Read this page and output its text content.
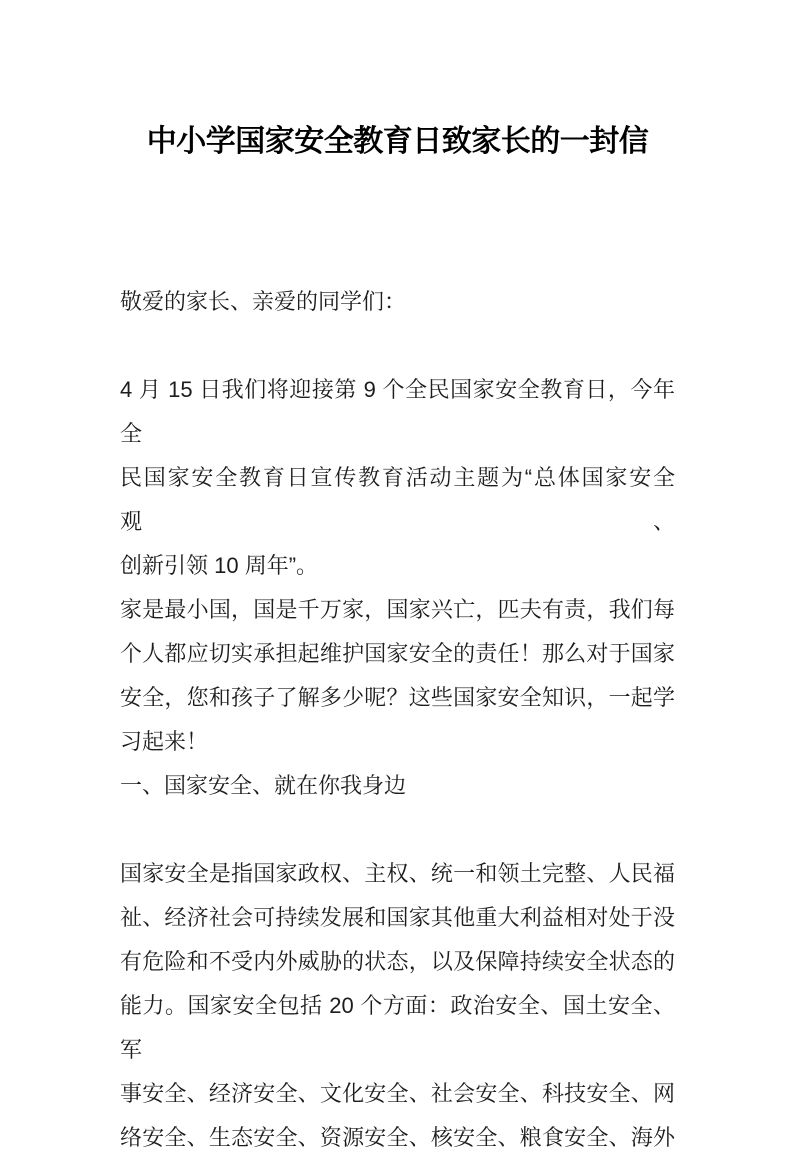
中小学国家安全教育日致家长的一封信

敬爱的家长、亲爱的同学们：

4 月 15 日我们将迎接第 9 个全民国家安全教育日，今年全
民国家安全教育日宣传教育活动主题为“总体国家安全观、
创新引领 10 周年”。
家是最小国，国是千万家，国家兴亡，匹夫有责，我们每
个人都应切实承担起维护国家安全的责任！那么对于国家
安全，您和孩子了解多少呢？这些国家安全知识，一起学
习起来！
一、国家安全、就在你我身边
国家安全是指国家政权、主权、统一和领土完整、人民福
祉、经济社会可持续发展和国家其他重大利益相对处于没
有危险和不受内外威胁的状态，以及保障持续安全状态的
能力。国家安全包括 20 个方面：政治安全、国土安全、军
事安全、经济安全、文化安全、社会安全、科技安全、网
络安全、生态安全、资源安全、核安全、粮食安全、海外
